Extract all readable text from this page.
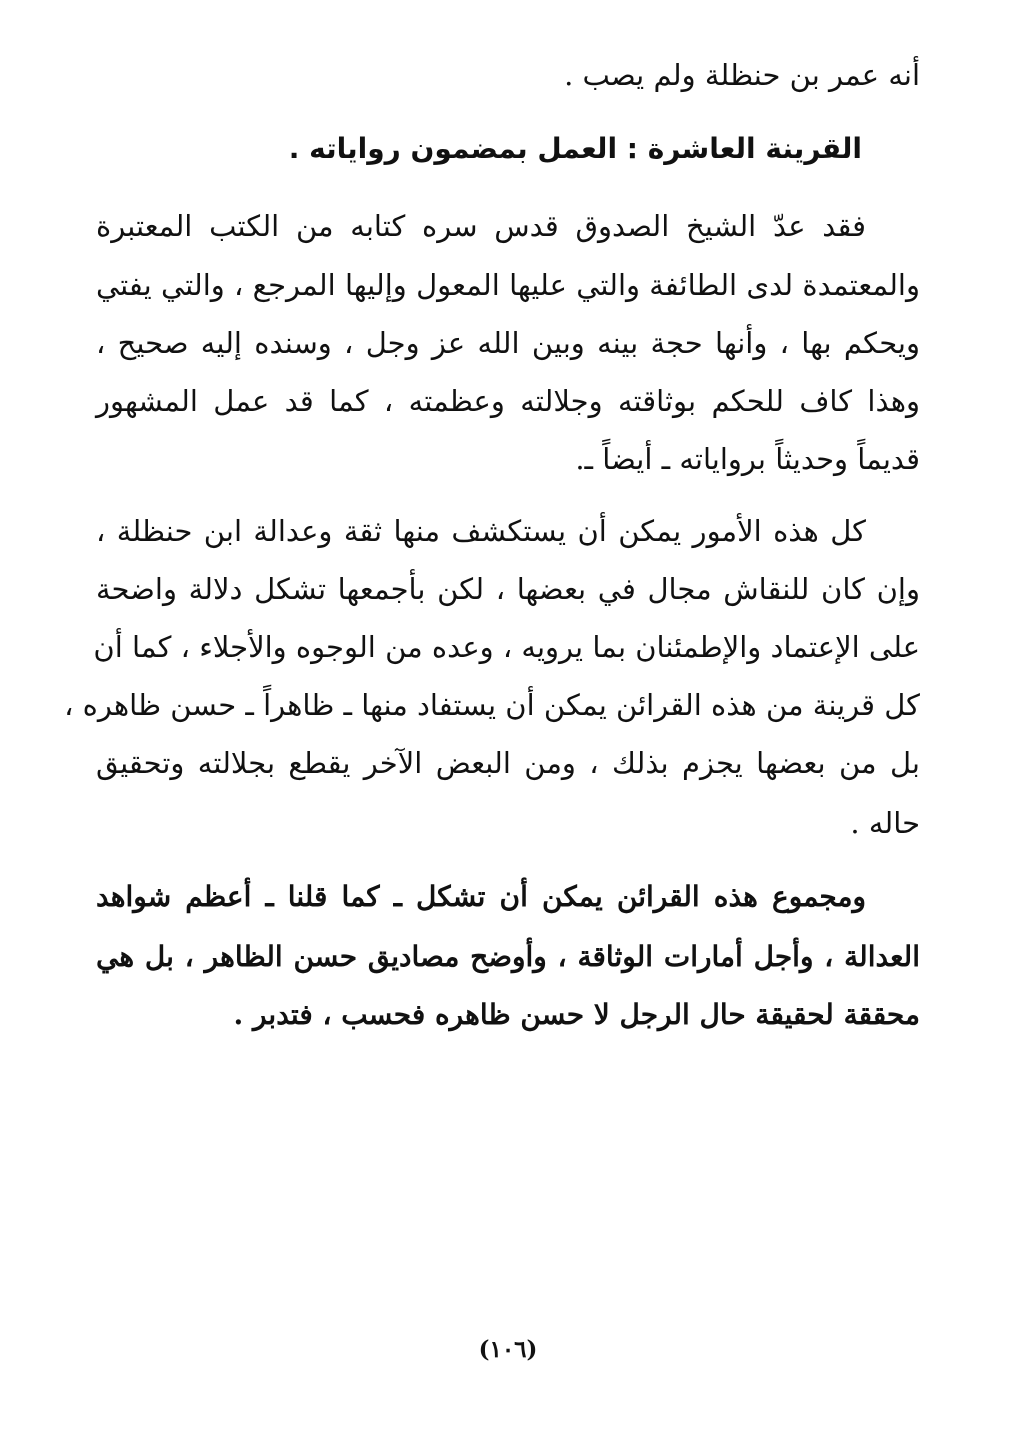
أنه عمر بن حنظلة ولم يصب .
القرينة العاشرة : العمل بمضمون رواياته .
فقد عدّ الشيخ الصدوق قدس سره كتابه من الكتب المعتبرة
والمعتمدة لدى الطائفة والتي عليها المعول وإليها المرجع ، والتي يفتي
ويحكم بها ، وأنها حجة بينه وبين الله عز وجل ، وسنده إليه صحيح ،
وهذا كاف للحكم بوثاقته وجلالته وعظمته ، كما قد عمل المشهور
قديماً وحديثاً برواياته ـ أيضاً ـ.
كل هذه الأمور يمكن أن يستكشف منها ثقة وعدالة ابن حنظلة ،
وإن كان للنقاش مجال في بعضها ، لكن بأجمعها تشكل دلالة واضحة
على الإعتماد والإطمئنان بما يرويه ، وعده من الوجوه والأجلاء ، كما أن
كل قرينة من هذه القرائن يمكن أن يستفاد منها ـ ظاهراً ـ حسن ظاهره ،
بل من بعضها يجزم بذلك ، ومن البعض الآخر يقطع بجلالته وتحقيق
حاله .
ومجموع هذه القرائن يمكن أن تشكل ـ كما قلنا ـ أعظم شواهد
العدالة ، وأجل أمارات الوثاقة ، وأوضح مصاديق حسن الظاهر ، بل هي
محققة لحقيقة حال الرجل لا حسن ظاهره فحسب ، فتدبر .
(١٠٦)
